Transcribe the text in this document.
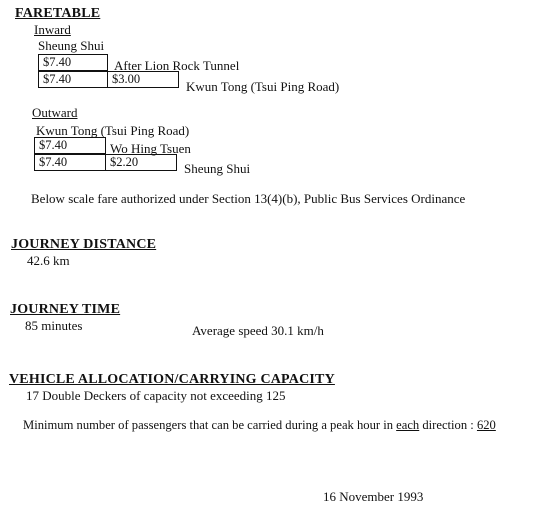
FARETABLE
Inward
Sheung Shui
$7.40	After Lion Rock Tunnel
$7.40	$3.00	Kwun Tong (Tsui Ping Road)
Outward
Kwun Tong (Tsui Ping Road)
$7.40	Wo Hing Tsuen
$7.40	$2.20	Sheung Shui
Below scale fare authorized under Section 13(4)(b), Public Bus Services Ordinance
JOURNEY DISTANCE
42.6 km
JOURNEY TIME
85 minutes	Average speed 30.1 km/h
VEHICLE ALLOCATION/CARRYING CAPACITY
17 Double Deckers of capacity not exceeding 125
Minimum number of passengers that can be carried during a peak hour in each direction : 620
16 November 1993
